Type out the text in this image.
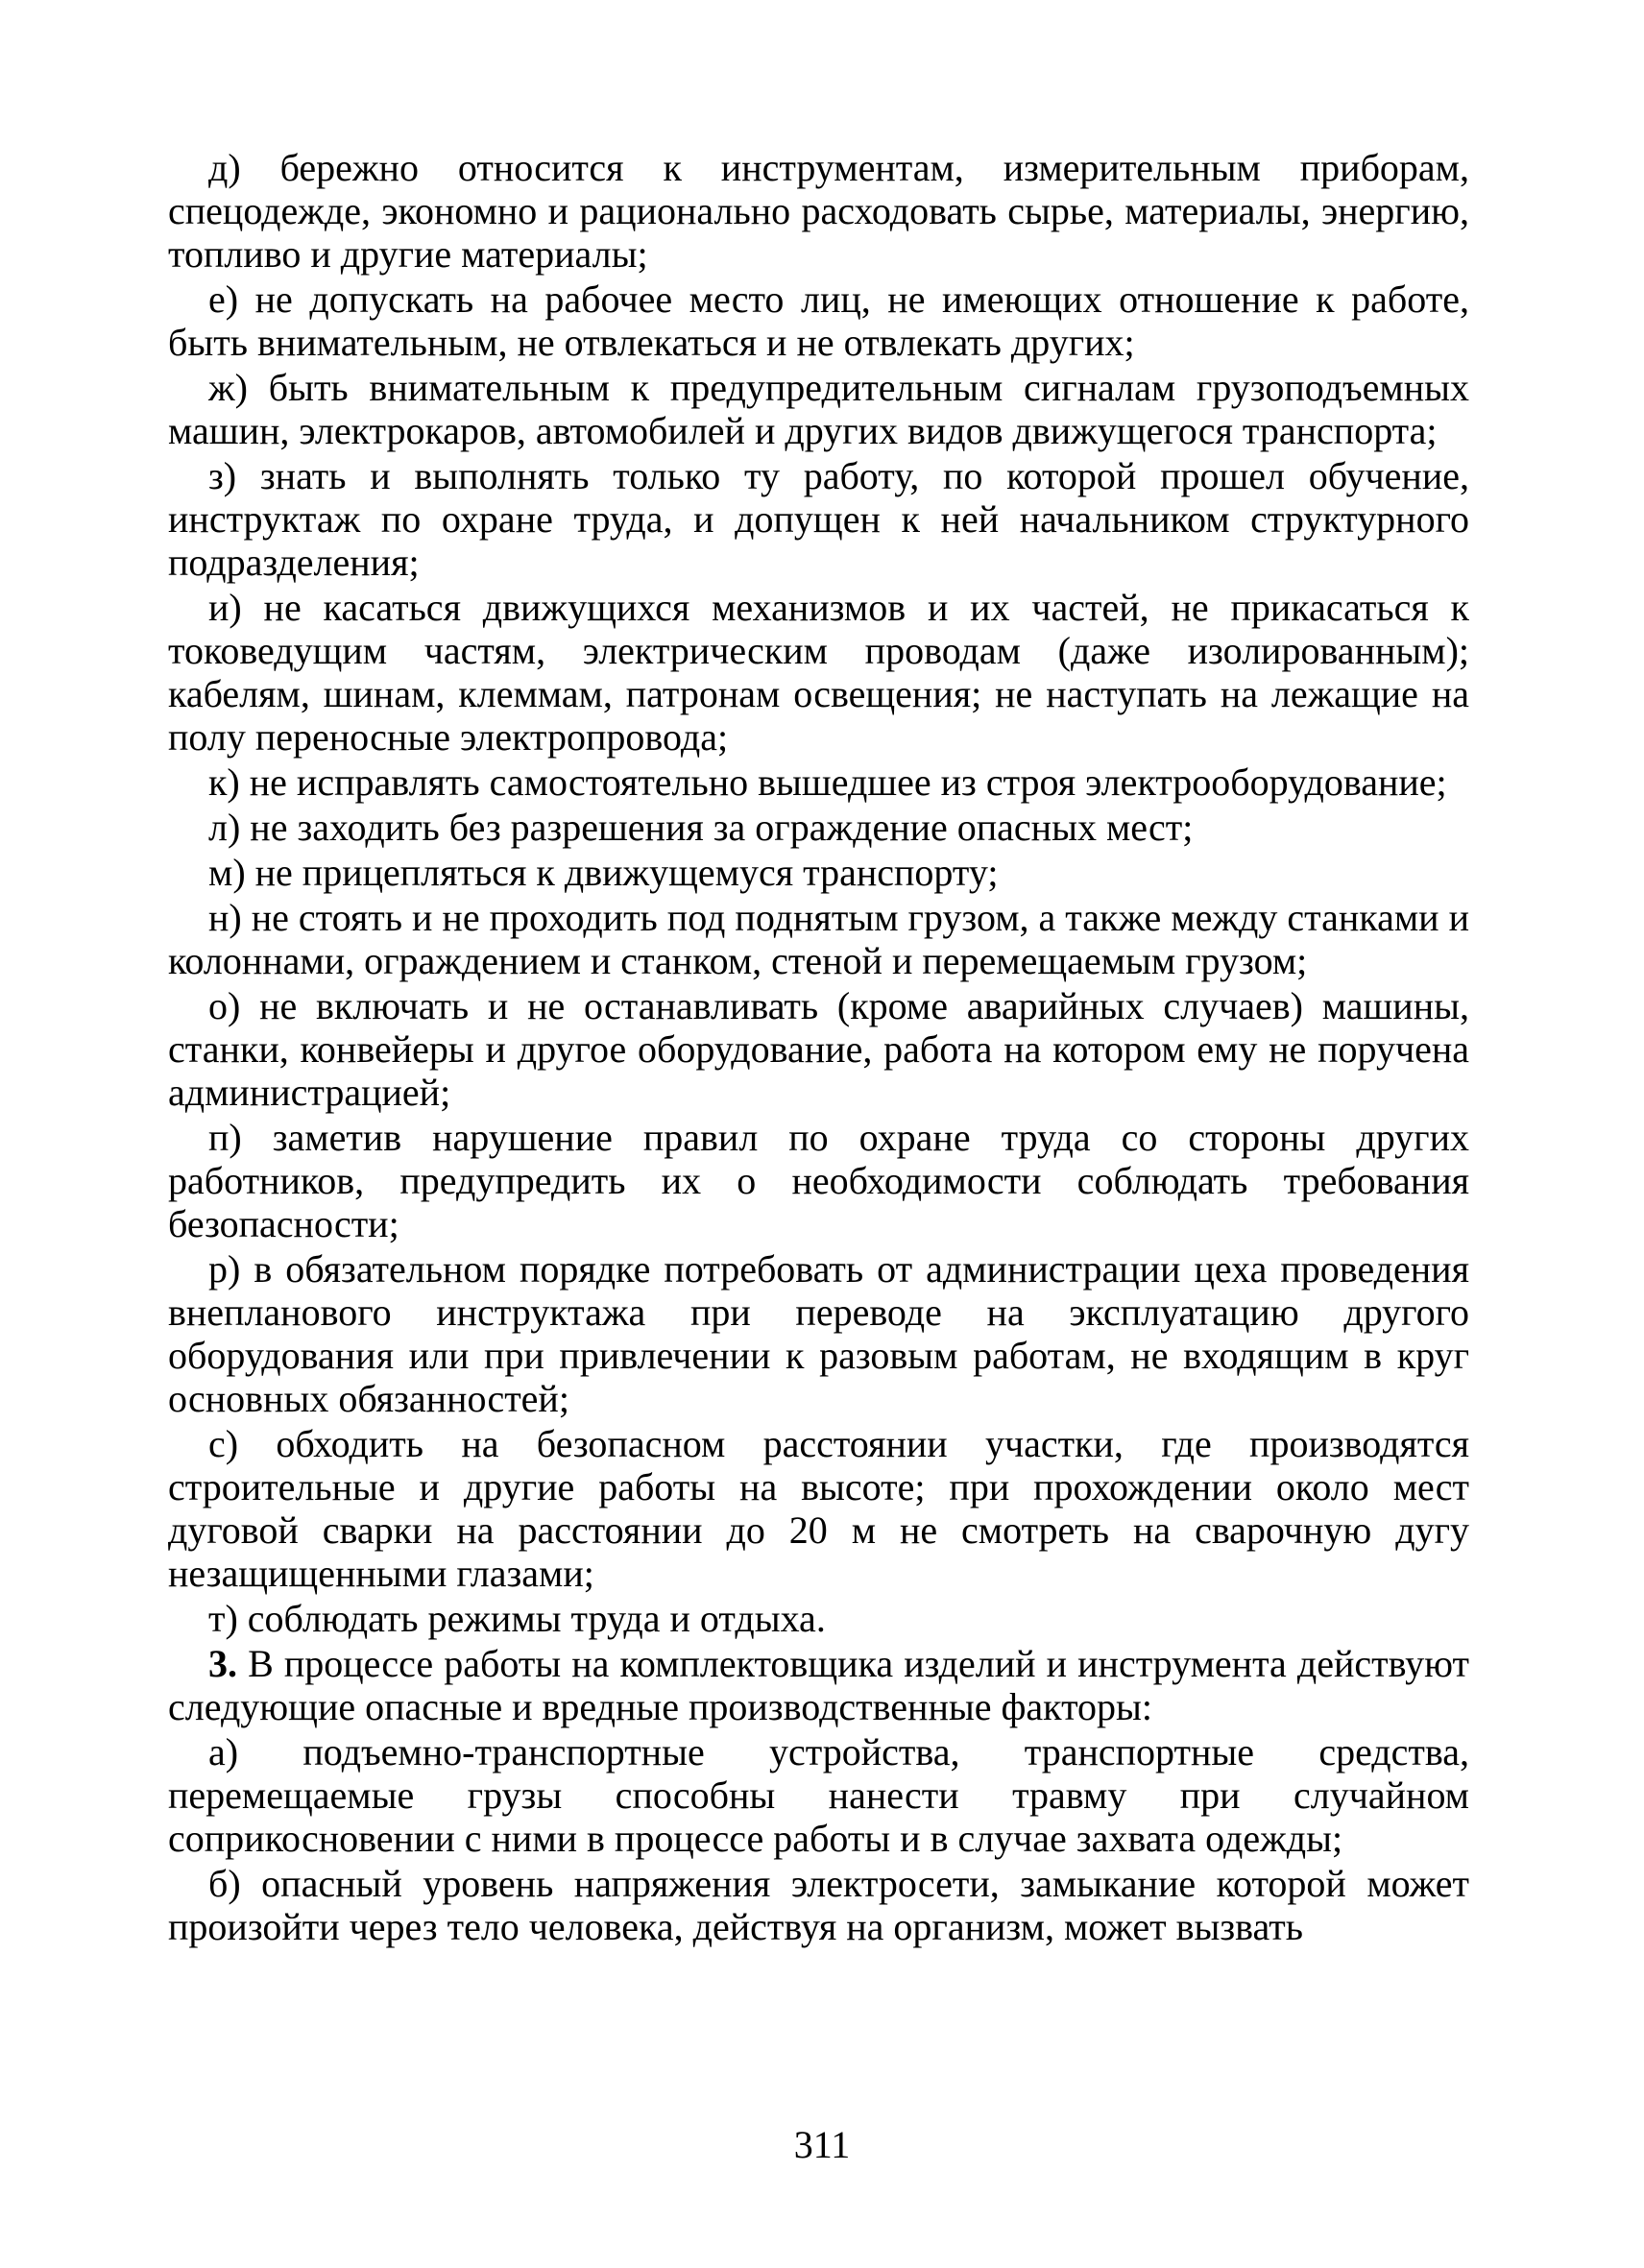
д) бережно относится к инструментам, измерительным приборам, спецодежде, экономно и рационально расходовать сырье, материалы, энергию, топливо и другие материалы;

е) не допускать на рабочее место лиц, не имеющих отношение к работе, быть внимательным, не отвлекаться и не отвлекать других;

ж) быть внимательным к предупредительным сигналам грузоподъемных машин, электрокаров, автомобилей и других видов движущегося транспорта;

з) знать и выполнять только ту работу, по которой прошел обучение, инструктаж по охране труда, и допущен к ней начальником структурного подразделения;

и) не касаться движущихся механизмов и их частей, не прикасаться к токоведущим частям, электрическим проводам (даже изолированным); кабелям, шинам, клеммам, патронам освещения; не наступать на лежащие на полу переносные электропровода;

к) не исправлять самостоятельно вышедшее из строя электрооборудование;

л) не заходить без разрешения за ограждение опасных мест;

м) не прицепляться к движущемуся транспорту;

н) не стоять и не проходить под поднятым грузом, а также между станками и колоннами, ограждением и станком, стеной и перемещаемым грузом;

о) не включать и не останавливать (кроме аварийных случаев) машины, станки, конвейеры и другое оборудование, работа на котором ему не поручена администрацией;

п) заметив нарушение правил по охране труда со стороны других работников, предупредить их о необходимости соблюдать требования безопасности;

р) в обязательном порядке потребовать от администрации цеха проведения внепланового инструктажа при переводе на эксплуатацию другого оборудования или при привлечении к разовым работам, не входящим в круг основных обязанностей;

с) обходить на безопасном расстоянии участки, где производятся строительные и другие работы на высоте; при прохождении около мест дуговой сварки на расстоянии до 20 м не смотреть на сварочную дугу незащищенными глазами;

т) соблюдать режимы труда и отдыха.

3. В процессе работы на комплектовщика изделий и инструмента действуют следующие опасные и вредные производственные факторы:

а) подъемно-транспортные устройства, транспортные средства, перемещаемые грузы способны нанести травму при случайном соприкосновении с ними в процессе работы и в случае захвата одежды;

б) опасный уровень напряжения электросети, замыкание которой может произойти через тело человека, действуя на организм, может вызвать

311
